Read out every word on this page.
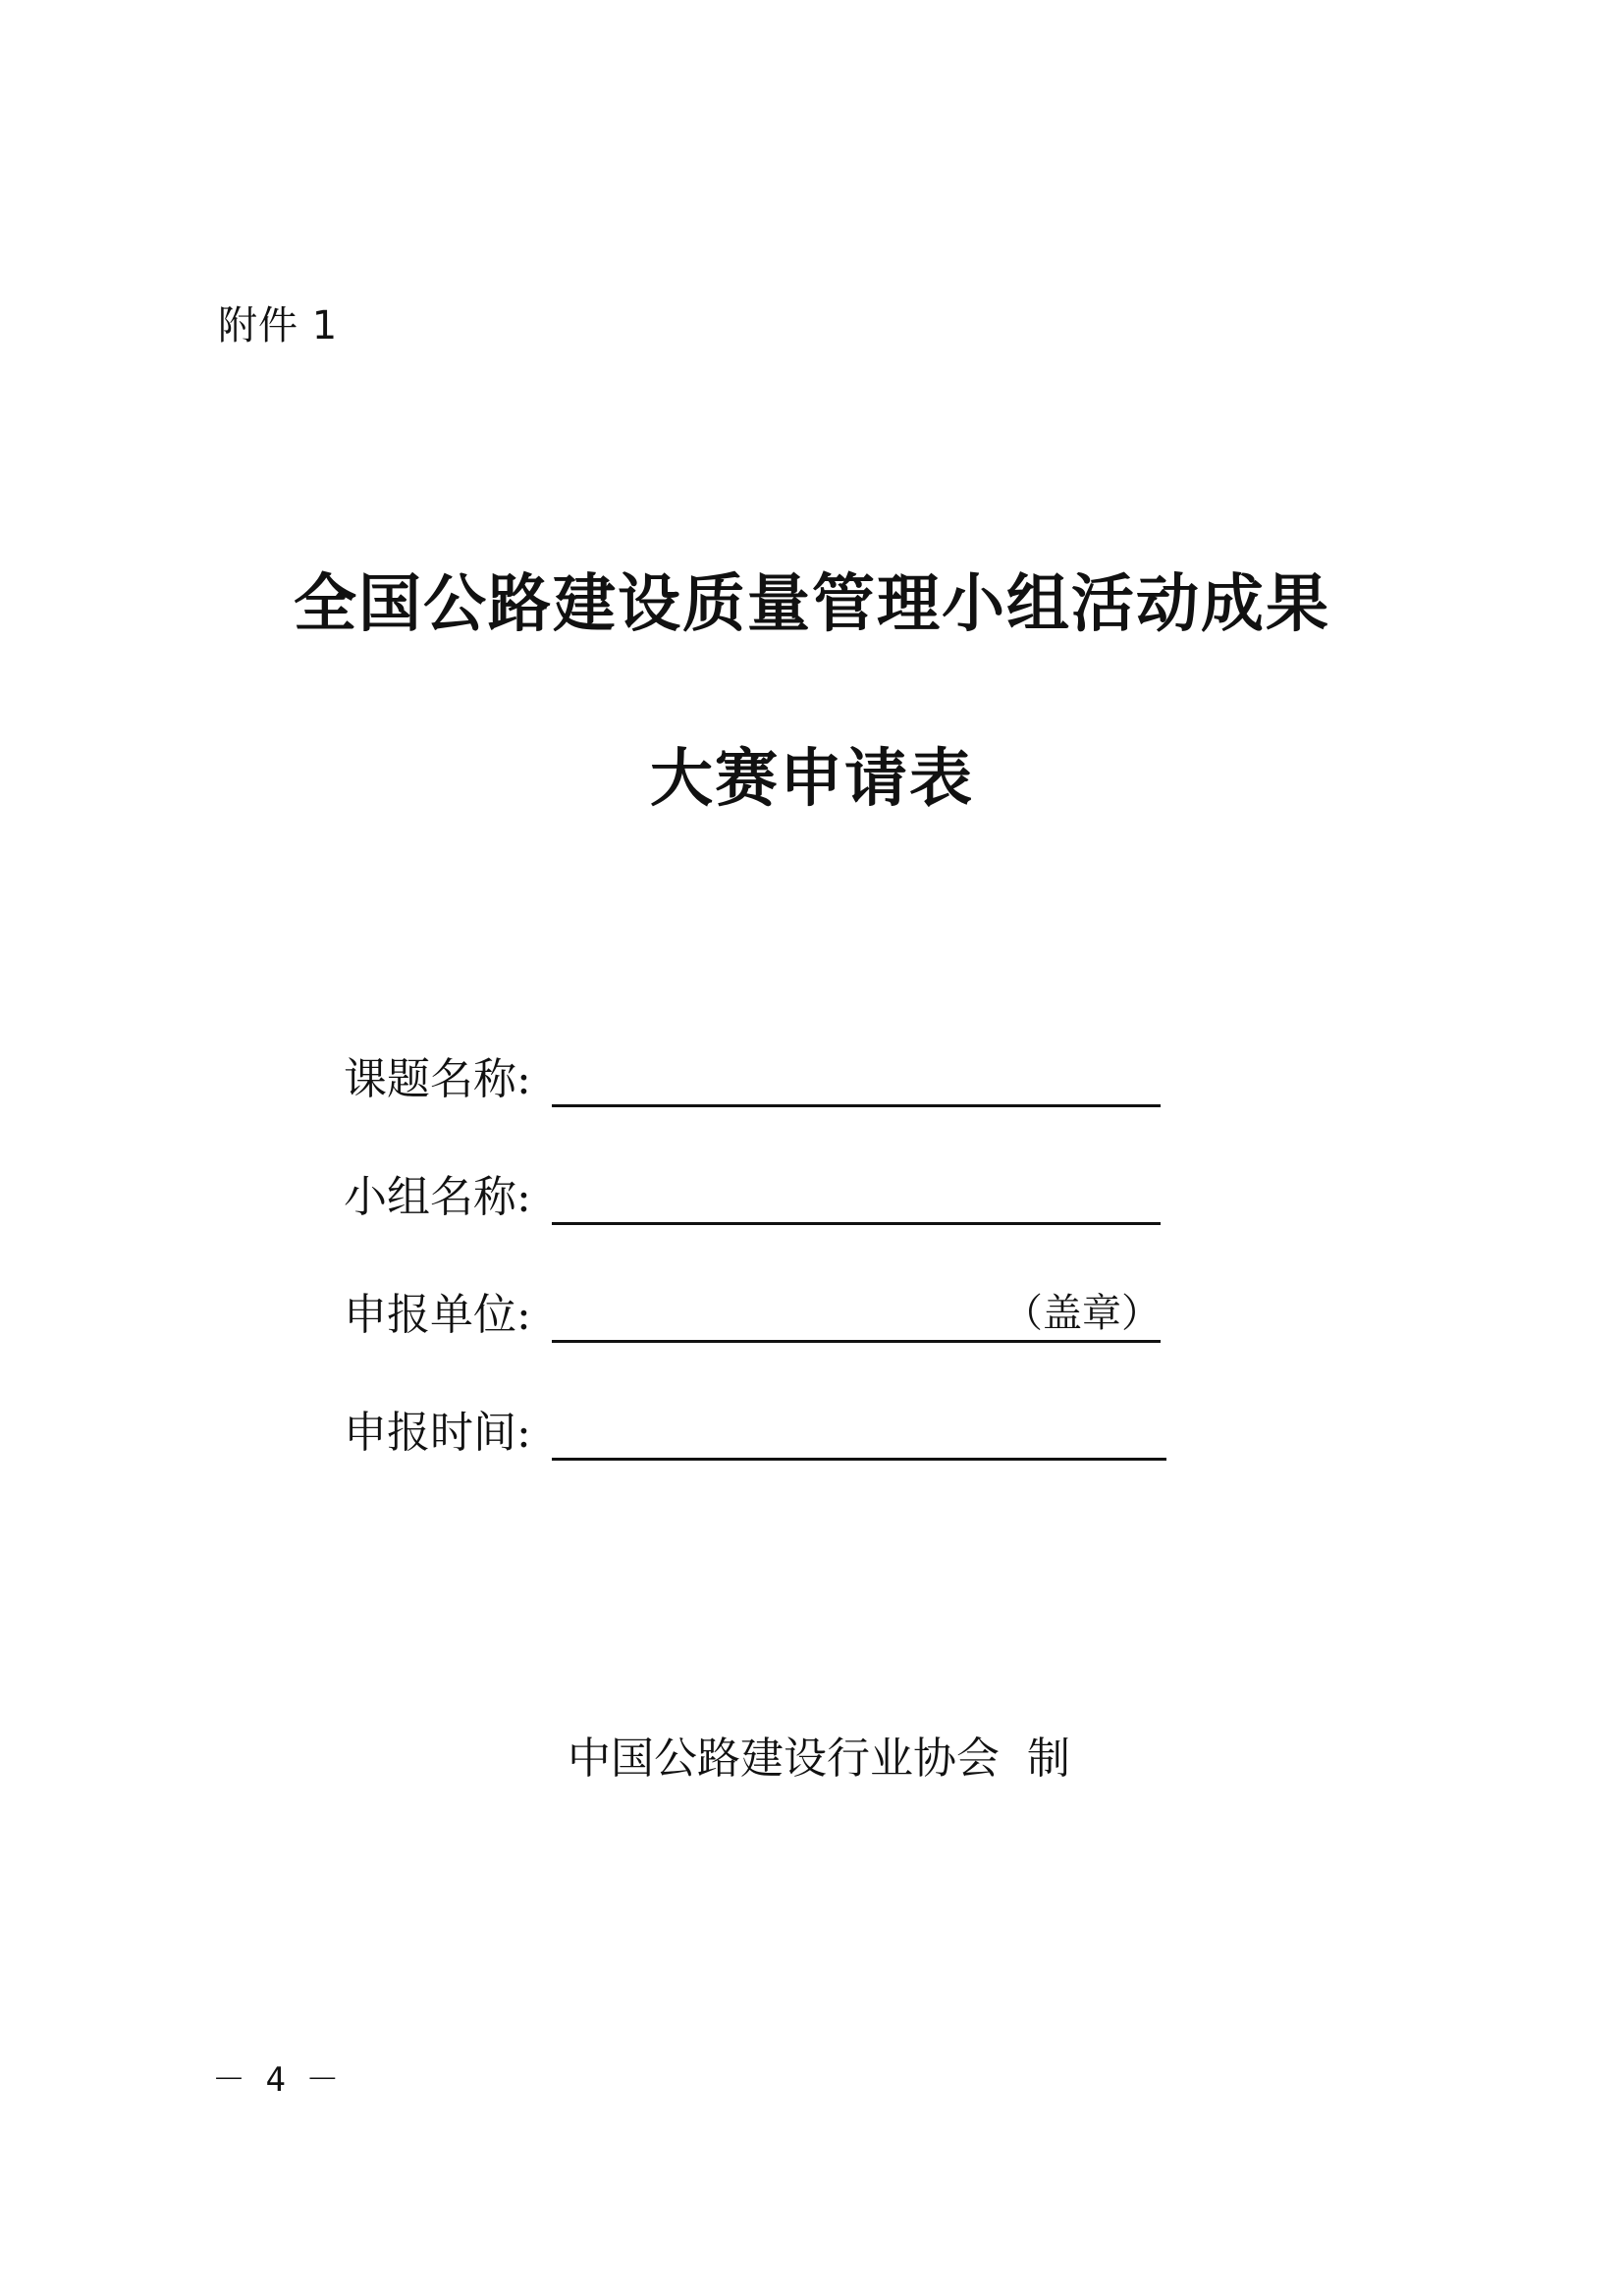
附件 1
全国公路建设质量管理小组活动成果
大赛申请表
课题名称:
小组名称:
申报单位:	（盖章）
申报时间:
中国公路建设行业协会  制
－ 4 －
